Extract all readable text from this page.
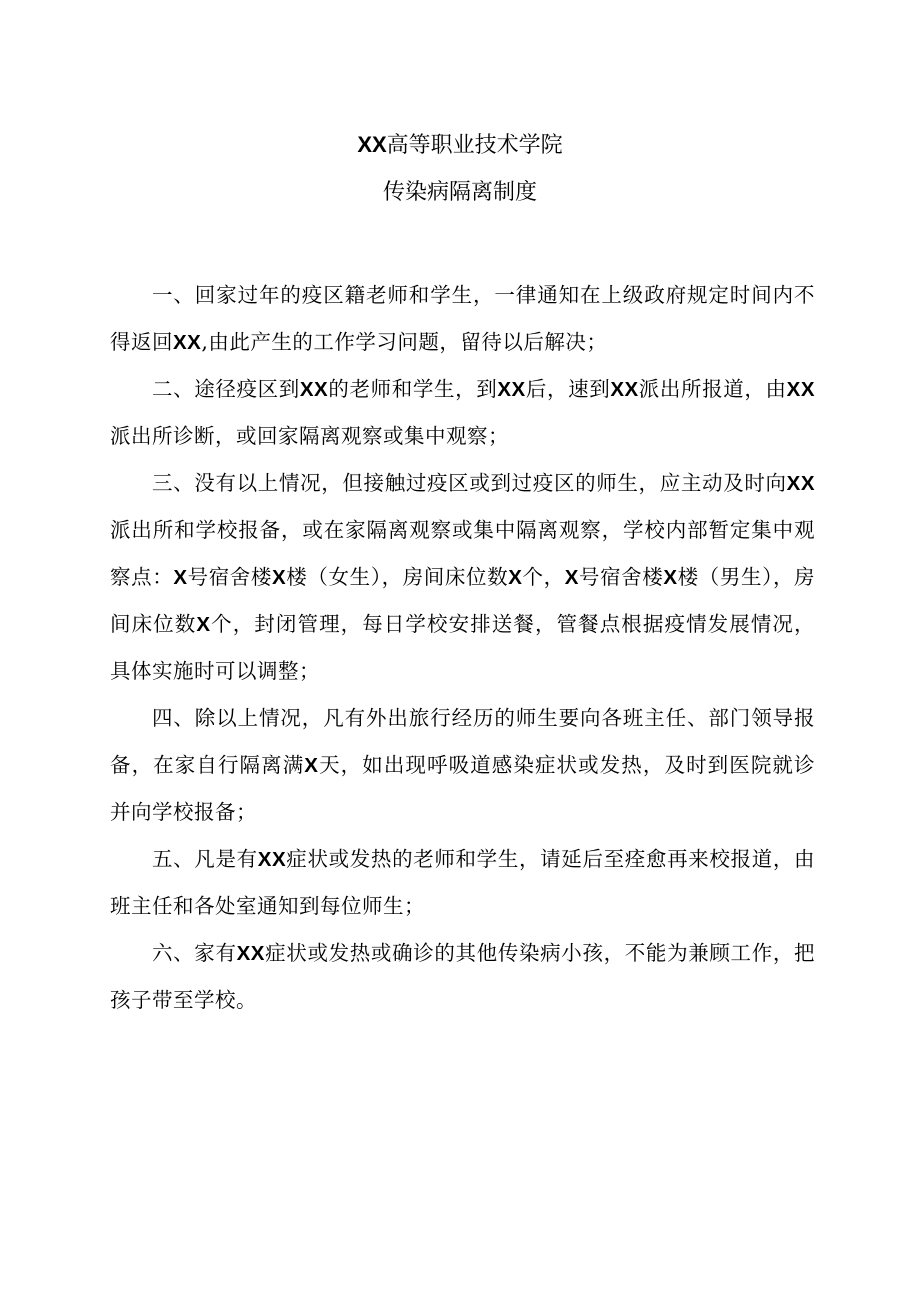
XX高等职业技术学院
传染病隔离制度

一、回家过年的疫区籍老师和学生，一律通知在上级政府规定时间内不得返回XX,由此产生的工作学习问题，留待以后解决；

二、途径疫区到XX的老师和学生，到XX后，速到XX派出所报道，由XX派出所诊断，或回家隔离观察或集中观察；

三、没有以上情况，但接触过疫区或到过疫区的师生，应主动及时向XX派出所和学校报备，或在家隔离观察或集中隔离观察，学校内部暂定集中观察点：X号宿舍楼X楼（女生），房间床位数X个，X号宿舍楼X楼（男生），房间床位数X个，封闭管理，每日学校安排送餐，管餐点根据疫情发展情况，具体实施时可以调整；

四、除以上情况，凡有外出旅行经历的师生要向各班主任、部门领导报备，在家自行隔离满X天，如出现呼吸道感染症状或发热，及时到医院就诊并向学校报备；

五、凡是有XX症状或发热的老师和学生，请延后至痊愈再来校报道，由班主任和各处室通知到每位师生；

六、家有XX症状或发热或确诊的其他传染病小孩，不能为兼顾工作，把孩子带至学校。
